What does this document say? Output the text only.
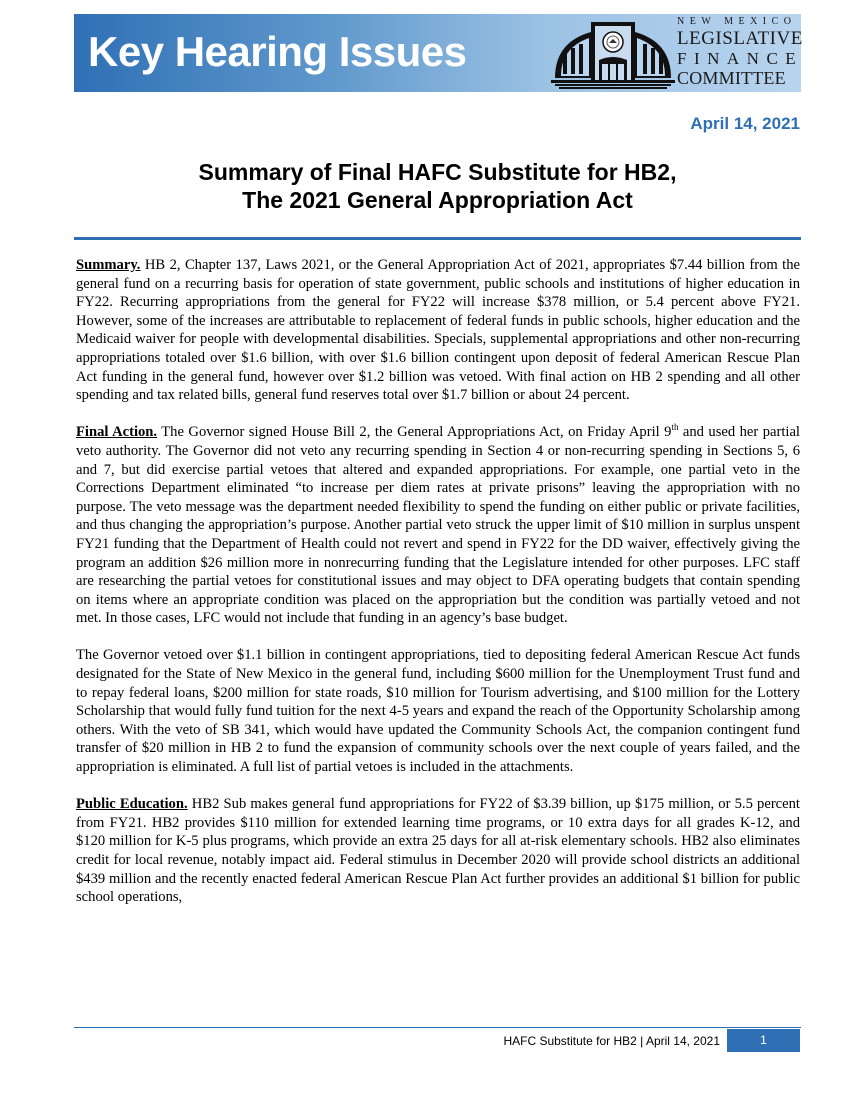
Key Hearing Issues
NEW MEXICO
LEGISLATIVE
FINANCE
COMMITTEE
April 14, 2021
Summary of Final HAFC Substitute for HB2,
The 2021 General Appropriation Act

Summary. HB 2, Chapter 137, Laws 2021, or the General Appropriation Act of 2021, appropriates $7.44 billion from the general fund on a recurring basis for operation of state government, public schools and institutions of higher education in FY22. Recurring appropriations from the general for FY22 will increase $378 million, or 5.4 percent above FY21. However, some of the increases are attributable to replacement of federal funds in public schools, higher education and the Medicaid waiver for people with developmental disabilities. Specials, supplemental appropriations and other non-recurring appropriations totaled over $1.6 billion, with over $1.6 billion contingent upon deposit of federal American Rescue Plan Act funding in the general fund, however over $1.2 billion was vetoed. With final action on HB 2 spending and all other spending and tax related bills, general fund reserves total over $1.7 billion or about 24 percent.

Final Action. The Governor signed House Bill 2, the General Appropriations Act, on Friday April 9th and used her partial veto authority. The Governor did not veto any recurring spending in Section 4 or non-recurring spending in Sections 5, 6 and 7, but did exercise partial vetoes that altered and expanded appropriations. For example, one partial veto in the Corrections Department eliminated “to increase per diem rates at private prisons” leaving the appropriation with no purpose. The veto message was the department needed flexibility to spend the funding on either public or private facilities, and thus changing the appropriation’s purpose. Another partial veto struck the upper limit of $10 million in surplus unspent FY21 funding that the Department of Health could not revert and spend in FY22 for the DD waiver, effectively giving the program an addition $26 million more in nonrecurring funding that the Legislature intended for other purposes. LFC staff are researching the partial vetoes for constitutional issues and may object to DFA operating budgets that contain spending on items where an appropriate condition was placed on the appropriation but the condition was partially vetoed and not met. In those cases, LFC would not include that funding in an agency’s base budget.

The Governor vetoed over $1.1 billion in contingent appropriations, tied to depositing federal American Rescue Act funds designated for the State of New Mexico in the general fund, including $600 million for the Unemployment Trust fund and to repay federal loans, $200 million for state roads, $10 million for Tourism advertising, and $100 million for the Lottery Scholarship that would fully fund tuition for the next 4-5 years and expand the reach of the Opportunity Scholarship among others. With the veto of SB 341, which would have updated the Community Schools Act, the companion contingent fund transfer of $20 million in HB 2 to fund the expansion of community schools over the next couple of years failed, and the appropriation is eliminated. A full list of partial vetoes is included in the attachments.

Public Education. HB2 Sub makes general fund appropriations for FY22 of $3.39 billion, up $175 million, or 5.5 percent from FY21. HB2 provides $110 million for extended learning time programs, or 10 extra days for all grades K-12, and $120 million for K-5 plus programs, which provide an extra 25 days for all at-risk elementary schools. HB2 also eliminates credit for local revenue, notably impact aid. Federal stimulus in December 2020 will provide school districts an additional $439 million and the recently enacted federal American Rescue Plan Act further provides an additional $1 billion for public school operations,

HAFC Substitute for HB2 | April 14, 2021	1
